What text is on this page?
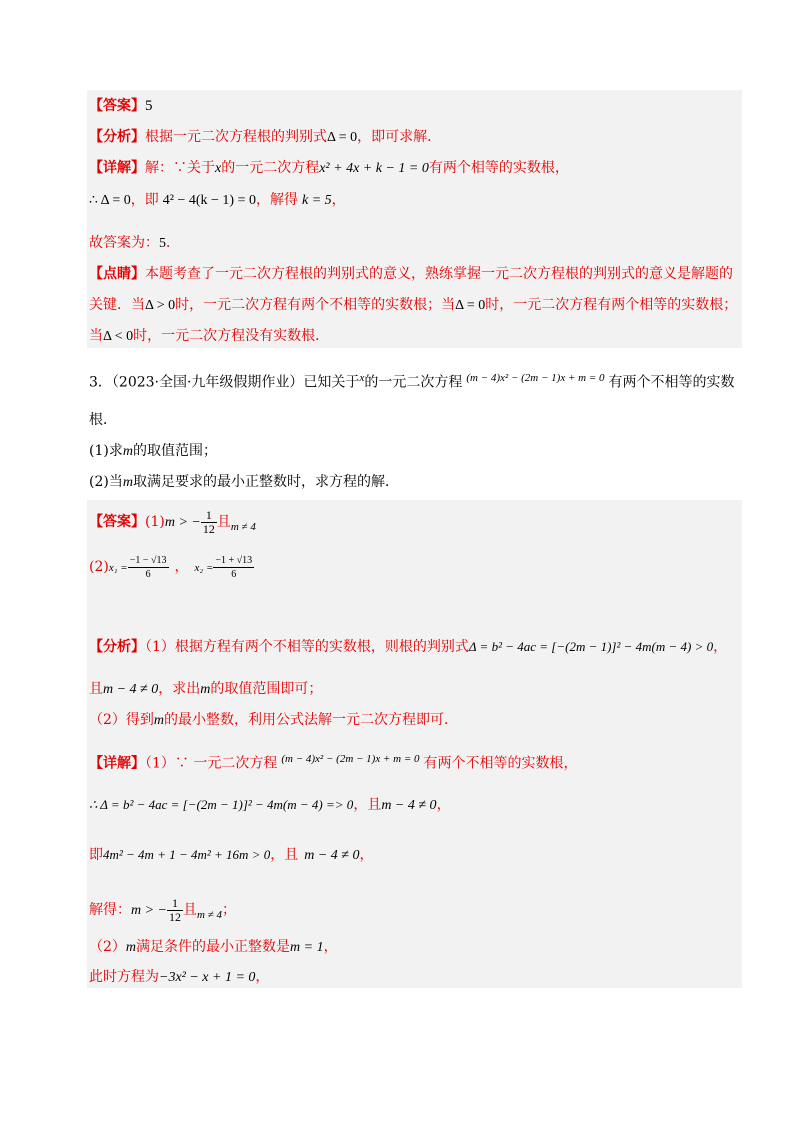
【答案】5
【分析】根据一元二次方程根的判别式Δ = 0，即可求解．
【详解】解：∵关于x的一元二次方程x² + 4x + k − 1 = 0有两个相等的实数根，
∴ Δ = 0，即 4² − 4(k − 1) = 0，解得 k = 5，
故答案为：5．
【点睛】本题考查了一元二次方程根的判别式的意义，熟练掌握一元二次方程根的判别式的意义是解题的
关键．当Δ > 0时，一元二次方程有两个不相等的实数根；当Δ = 0时，一元二次方程有两个相等的实数根；
当Δ < 0时，一元二次方程没有实数根．
3．（2023·全国·九年级假期作业）已知关于$^x$的一元二次方程 $^{(m - 4)x^2 - (2m - 1)x + m = 0}$ 有两个不相等的实数
根．
(1)求m的取值范围；
(2)当m取满足要求的最小正整数时，求方程的解．
【答案】(1)m > − $\frac{1}{12}$ 且$_{m \ne 4}$
$(2)x_1 = \frac{-1 - √13}{6}$ ， $x_2 = \frac{-1 + √13}{6}$
【分析】（1）根据方程有两个不相等的实数根，则根的判别式Δ = b² − 4ac = [−(2m − 1)]² − 4m(m − 4) > 0，
且m − 4 ≠ 0，求出m的取值范围即可；
（2）得到m的最小整数，利用公式法解一元二次方程即可．
【详解】（1）∵ 一元二次方程 $^{(m - 4)x^2 - (2m - 1)x + m = 0}$ 有两个不相等的实数根，
∴ Δ = b² − 4ac = [−(2m − 1)]² − 4m(m − 4) => 0，且m − 4 ≠ 0，
即4m² − 4m + 1 − 4m² + 16m > 0，且 m − 4 ≠ 0，
解得：m > − $\frac{1}{12}$ 且$_{m \ne 4}$；
（2）m满足条件的最小正整数是m = 1，
此时方程为−3x² − x + 1 = 0，
